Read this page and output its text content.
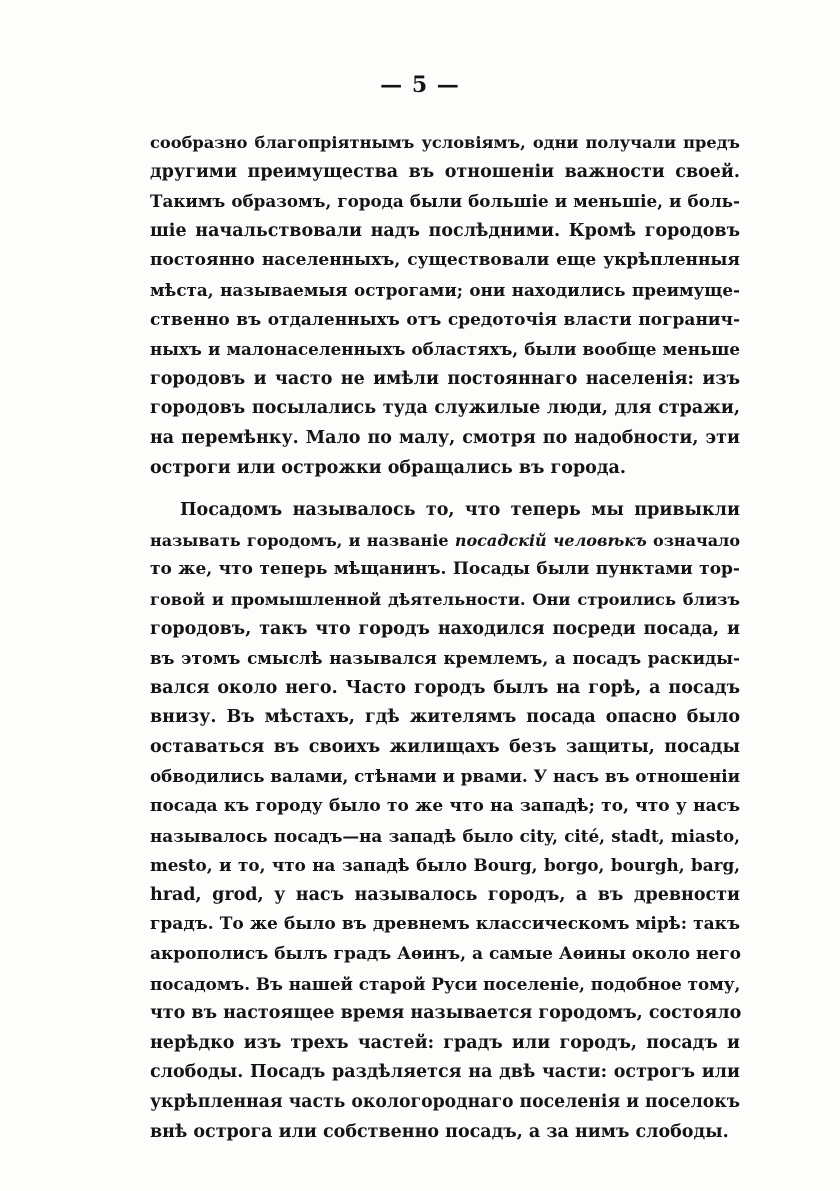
— 5 —
сообразно благопріятнымъ условіямъ, одни получали предъ
другими преимущества въ отношеніи важности своей.
Такимъ образомъ, города были большіе и меньшіе, и боль-
шіе начальствовали надъ послѣдними. Кромѣ городовъ
постоянно населенныхъ, существовали еще укрѣпленныя
мѣста, называемыя острогами; они находились преимуще-
ственно въ отдаленныхъ отъ средоточія власти погранич-
ныхъ и малонаселенныхъ областяхъ, были вообще меньше
городовъ и часто не имѣли постояннаго населенія: изъ
городовъ посылались туда служилые люди, для стражи,
на перемѣнку. Мало по малу, смотря по надобности, эти
остроги или острожки обращались въ города.
Посадомъ называлось то, что теперь мы привыкли
называть городомъ, и названіе посадскій человѣкъ означало
то же, что теперь мѣщанинъ. Посады были пунктами тор-
говой и промышленной дѣятельности. Они строились близъ
городовъ, такъ что городъ находился посреди посада, и
въ этомъ смыслѣ назывался кремлемъ, а посадъ раскиды-
вался около него. Часто городъ былъ на горѣ, а посадъ
внизу. Въ мѣстахъ, гдѣ жителямъ посада опасно было
оставаться въ своихъ жилищахъ безъ защиты, посады
обводились валами, стѣнами и рвами. У насъ въ отношеніи
посада къ городу было то же что на западѣ; то, что у насъ
называлось посадъ—на западѣ было city, cité, stadt, miasto,
mesto, и то, что на западѣ было Bourg, borgo, bourgh, barg,
hrad, grod, у насъ называлось городъ, а въ древности
градъ. То же было въ древнемъ классическомъ мірѣ: такъ
акрополисъ былъ градъ Аѳинъ, а самые Аѳины около него
посадомъ. Въ нашей старой Руси поселеніе, подобное тому,
что въ настоящее время называется городомъ, состояло
нерѣдко изъ трехъ частей: градъ или городъ, посадъ и
слободы. Посадъ раздѣляется на двѣ части: острогъ или
укрѣпленная часть окологороднаго поселенія и поселокъ
внѣ острога или собственно посадъ, а за нимъ слободы.
